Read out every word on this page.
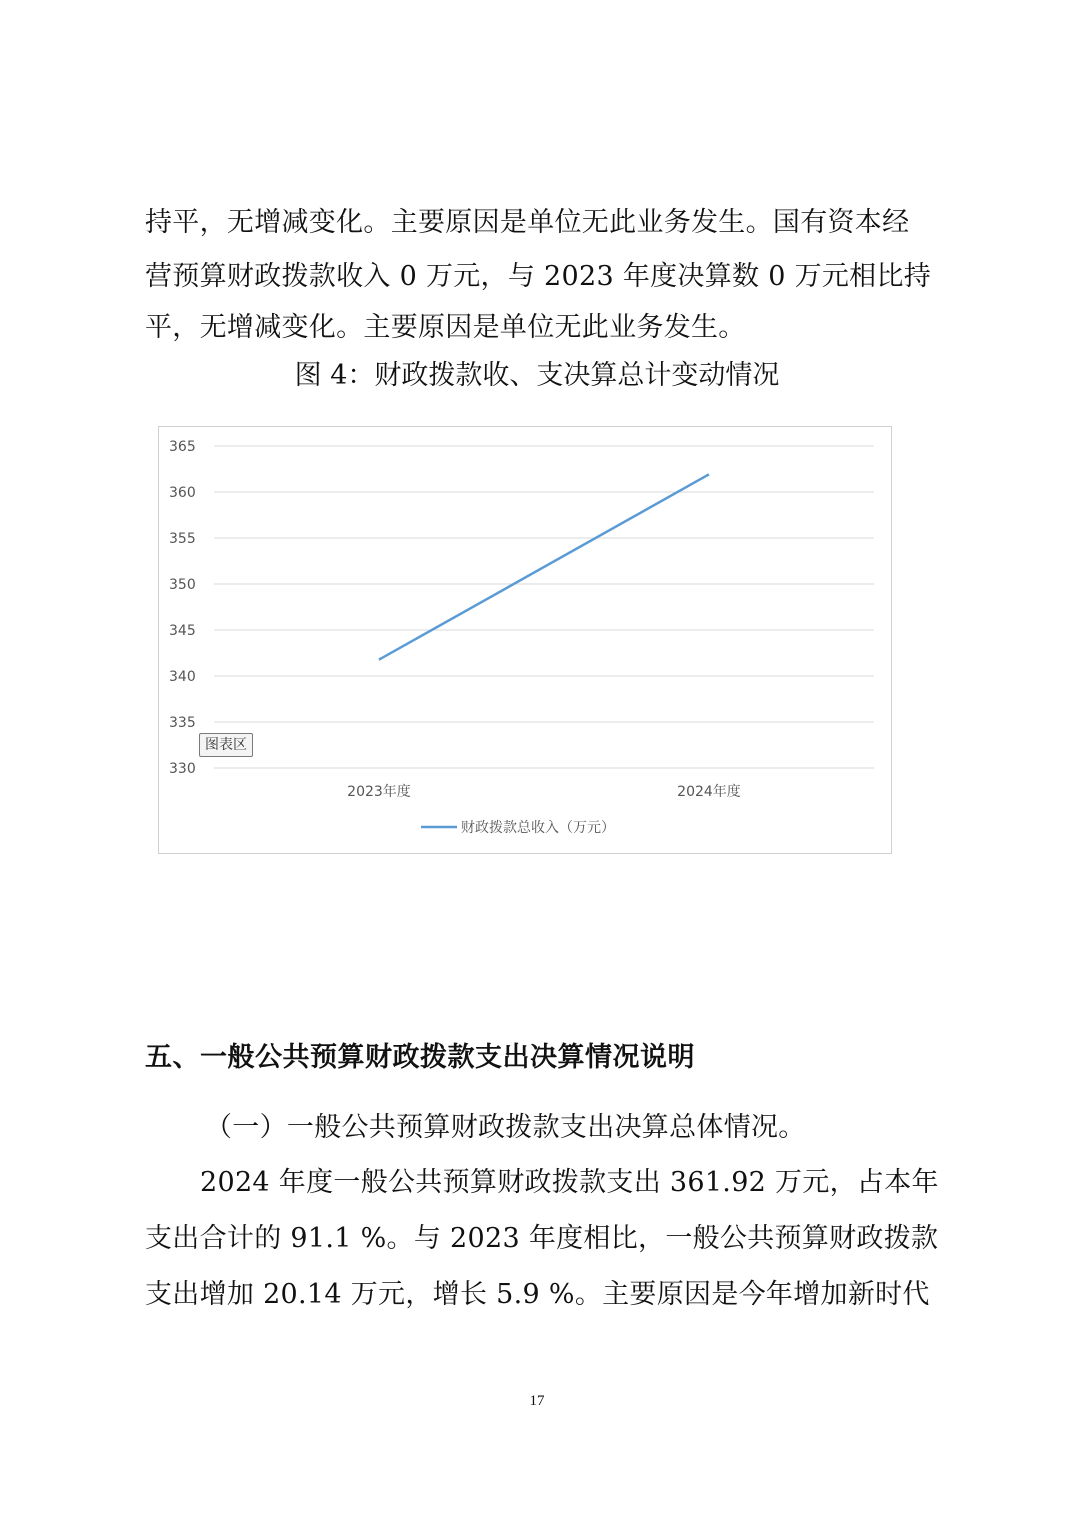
持平，无增减变化。主要原因是单位无此业务发生。国有资本经
营预算财政拨款收入 0 万元，与 2023 年度决算数 0 万元相比持
平，无增减变化。主要原因是单位无此业务发生。
图 4：财政拨款收、支决算总计变动情况
330
335
340
345
350
355
360
365
2023年度	2024年度
财政拨款总收入（万元）
图表区
五、一般公共预算财政拨款支出决算情况说明
（一）一般公共预算财政拨款支出决算总体情况。
2024 年度一般公共预算财政拨款支出 361.92 万元，占本年
支出合计的 91.1 %。与 2023 年度相比，一般公共预算财政拨款
支出增加 20.14 万元，增长 5.9 %。主要原因是今年增加新时代
17
